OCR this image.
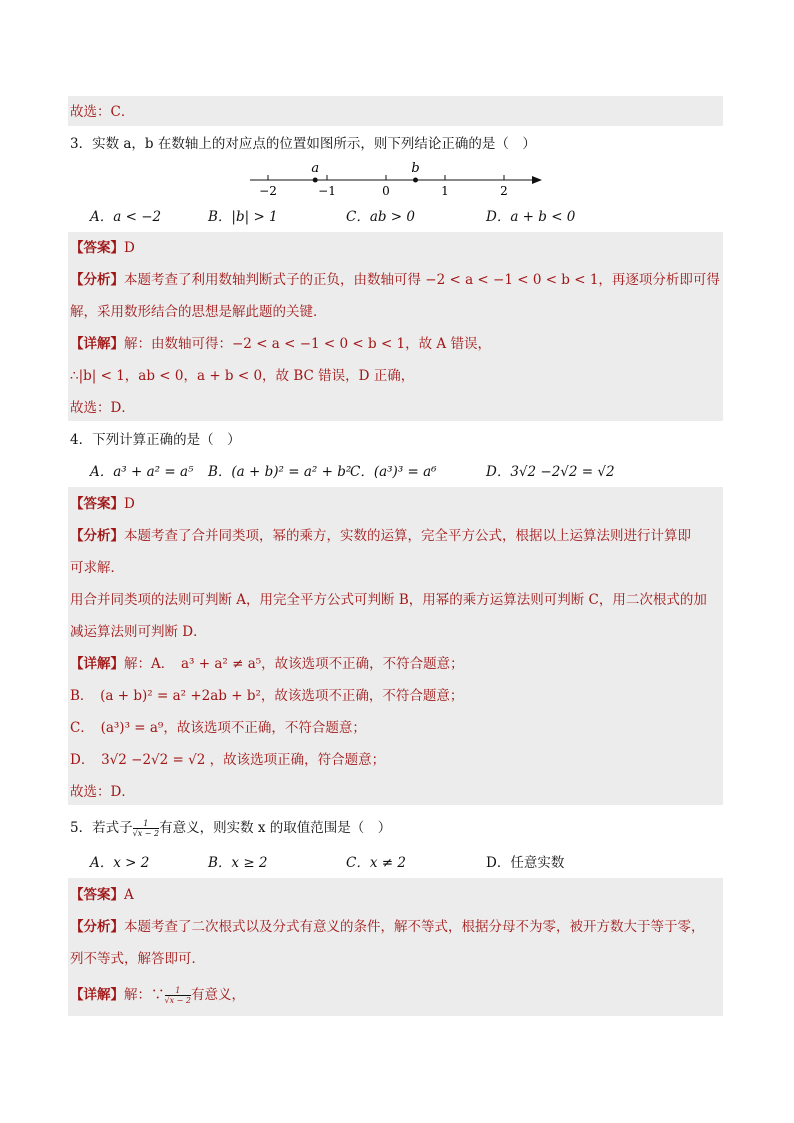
故选：C．
3．实数 a，b 在数轴上的对应点的位置如图所示，则下列结论正确的是（　）
−2	−1	0	1	2
a	b
A．a < −2	B．|b| > 1	C．ab > 0	D．a + b < 0
【答案】D
【分析】本题考查了利用数轴判断式子的正负，由数轴可得 −2 < a < −1 < 0 < b < 1，再逐项分析即可得
解，采用数形结合的思想是解此题的关键．
【详解】解：由数轴可得：−2 < a < −1 < 0 < b < 1，故 A 错误，
∴|b| < 1，ab < 0，a + b < 0，故 BC 错误，D 正确，
故选：D．
4．下列计算正确的是（　）
A．a³ + a² = a⁵ B．(a + b)² = a² + b²
C．(a³)³ = a⁶	D．3√2 −2√2 = √2
【答案】D
【分析】本题考查了合并同类项，幂的乘方，实数的运算，完全平方公式，根据以上运算法则进行计算即
可求解．
用合并同类项的法则可判断 A，用完全平方公式可判断 B，用幂的乘方运算法则可判断 C，用二次根式的加
减运算法则可判断 D．
【详解】解：A．　a³ + a² ≠ a⁵，故该选项不正确，不符合题意；
B．　(a + b)² = a² +2ab + b²，故该选项不正确，不符合题意；
C．　(a³)³ = a⁹，故该选项不正确，不符合题意；
D．　3√2 −2√2 = √2 ，故该选项正确，符合题意；
故选：D．
5．若式子 $\frac{1}{√x - 2}$ 有意义，则实数 x 的取值范围是（　）
A．x > 2	B．x ≥ 2	C．x ≠ 2	D．任意实数
【答案】A
【分析】本题考查了二次根式以及分式有意义的条件，解不等式，根据分母不为零，被开方数大于等于零，
列不等式，解答即可．
【详解】解：∵ $\frac{1}{√x - 2}$ 有意义，
